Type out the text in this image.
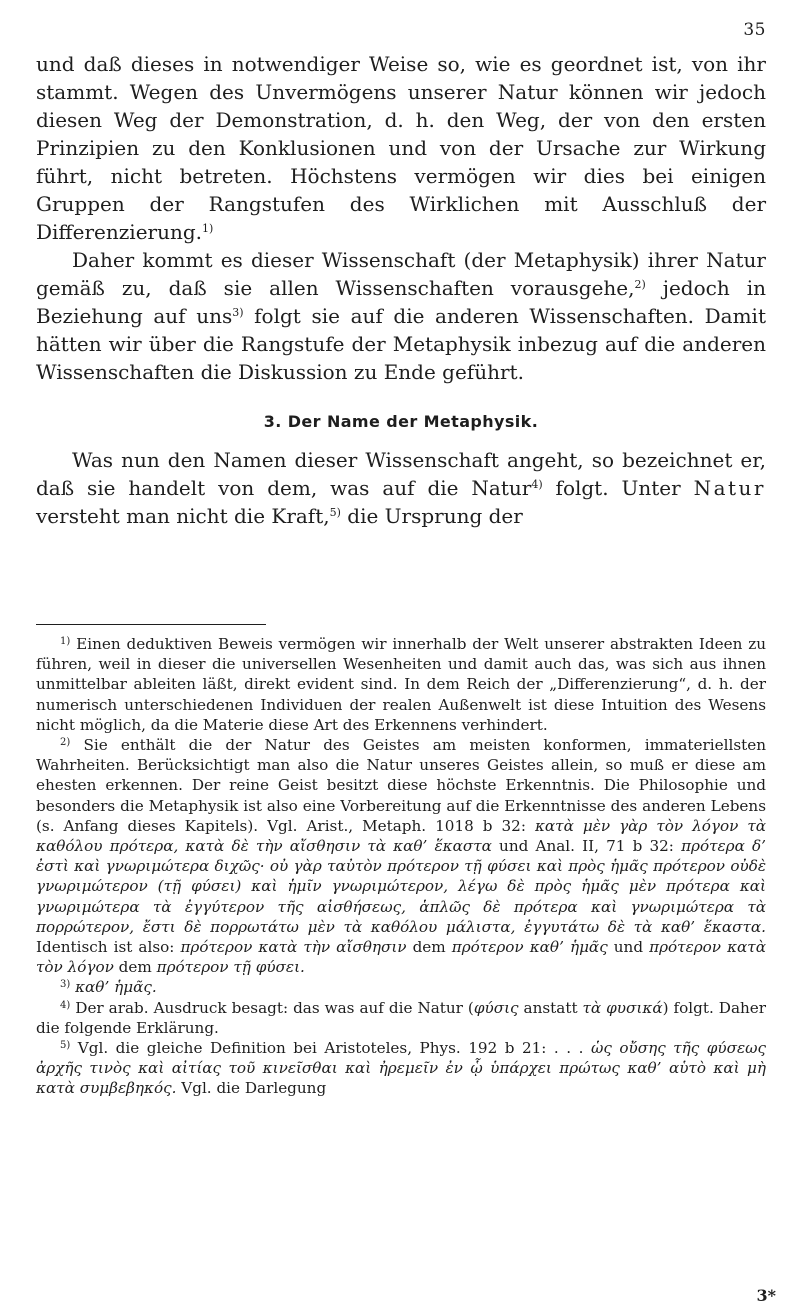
35

und daß dieses in notwendiger Weise so, wie es geordnet ist, von ihr stammt. Wegen des Unvermögens unserer Natur können wir jedoch diesen Weg der Demonstration, d. h. den Weg, der von den ersten Prinzipien zu den Konklusionen und von der Ursache zur Wirkung führt, nicht betreten. Höchstens vermögen wir dies bei einigen Gruppen der Rangstufen des Wirklichen mit Ausschluß der Differenzierung.$^{1)}$

Daher kommt es dieser Wissenschaft (der Metaphysik) ihrer Natur gemäß zu, daß sie allen Wissenschaften vorausgehe,$^{2)}$ jedoch in Beziehung auf uns$^{3)}$ folgt sie auf die anderen Wissenschaften. Damit hätten wir über die Rangstufe der Metaphysik inbezug auf die anderen Wissenschaften die Diskussion zu Ende geführt.

3. Der Name der Metaphysik.

Was nun den Namen dieser Wissenschaft angeht, so bezeichnet er, daß sie handelt von dem, was auf die Natur$^{4)}$ folgt. Unter Natur versteht man nicht die Kraft,$^{5)}$ die Ursprung der

$^{1)}$ Einen deduktiven Beweis vermögen wir innerhalb der Welt unserer abstrakten Ideen zu führen, weil in dieser die universellen Wesenheiten und damit auch das, was sich aus ihnen unmittelbar ableiten läßt, direkt evident sind. In dem Reich der „Differenzierung“, d. h. der numerisch unterschiedenen Individuen der realen Außenwelt ist diese Intuition des Wesens nicht möglich, da die Materie diese Art des Erkennens verhindert.

$^{2)}$ Sie enthält die der Natur des Geistes am meisten konformen, immateriellsten Wahrheiten. Berücksichtigt man also die Natur unseres Geistes allein, so muß er diese am ehesten erkennen. Der reine Geist besitzt diese höchste Erkenntnis. Die Philosophie und besonders die Metaphysik ist also eine Vorbereitung auf die Erkenntnisse des anderen Lebens (s. Anfang dieses Kapitels). Vgl. Arist., Metaph. 1018 b 32: κατὰ μὲν γὰρ τὸν λόγον τὰ καθόλου πρότερα, κατὰ δὲ τὴν αἴσθησιν τὰ καθ’ ἕκαστα und Anal. II, 71 b 32: πρότερα δ’ ἐστὶ καὶ γνωριμώτερα διχῶς· οὐ γὰρ ταὐτὸν πρότερον τῇ φύσει καὶ πρὸς ἡμᾶς πρότερον οὐδὲ γνωριμώτερον (τῇ φύσει) καὶ ἡμῖν γνωριμώτερον, λέγω δὲ πρὸς ἡμᾶς μὲν πρότερα καὶ γνωριμώτερα τὰ ἐγγύτερον τῆς αἰσθήσεως, ἁπλῶς δὲ πρότερα καὶ γνωριμώτερα τὰ πορρώτερον, ἔστι δὲ πορρωτάτω μὲν τὰ καθόλου μάλιστα, ἐγγυτάτω δὲ τὰ καθ’ ἕκαστα. Identisch ist also: πρότερον κατὰ τὴν αἴσθησιν dem πρότερον καθ’ ἡμᾶς und πρότερον κατὰ τὸν λόγον dem πρότερον τῇ φύσει.

$^{3)}$ καθ’ ἡμᾶς.

$^{4)}$ Der arab. Ausdruck besagt: das was auf die Natur (φύσις anstatt τὰ φυσικά) folgt. Daher die folgende Erklärung.

$^{5)}$ Vgl. die gleiche Definition bei Aristoteles, Phys. 192 b 21: . . . ὡς οὔσης τῆς φύσεως ἀρχῆς τινὸς καὶ αἰτίας τοῦ κινεῖσθαι καὶ ἠρεμεῖν ἐν ᾧ ὑπάρχει πρώτως καθ’ αὑτὸ καὶ μὴ κατὰ συμβεβηκός. Vgl. die Darlegung

3*
